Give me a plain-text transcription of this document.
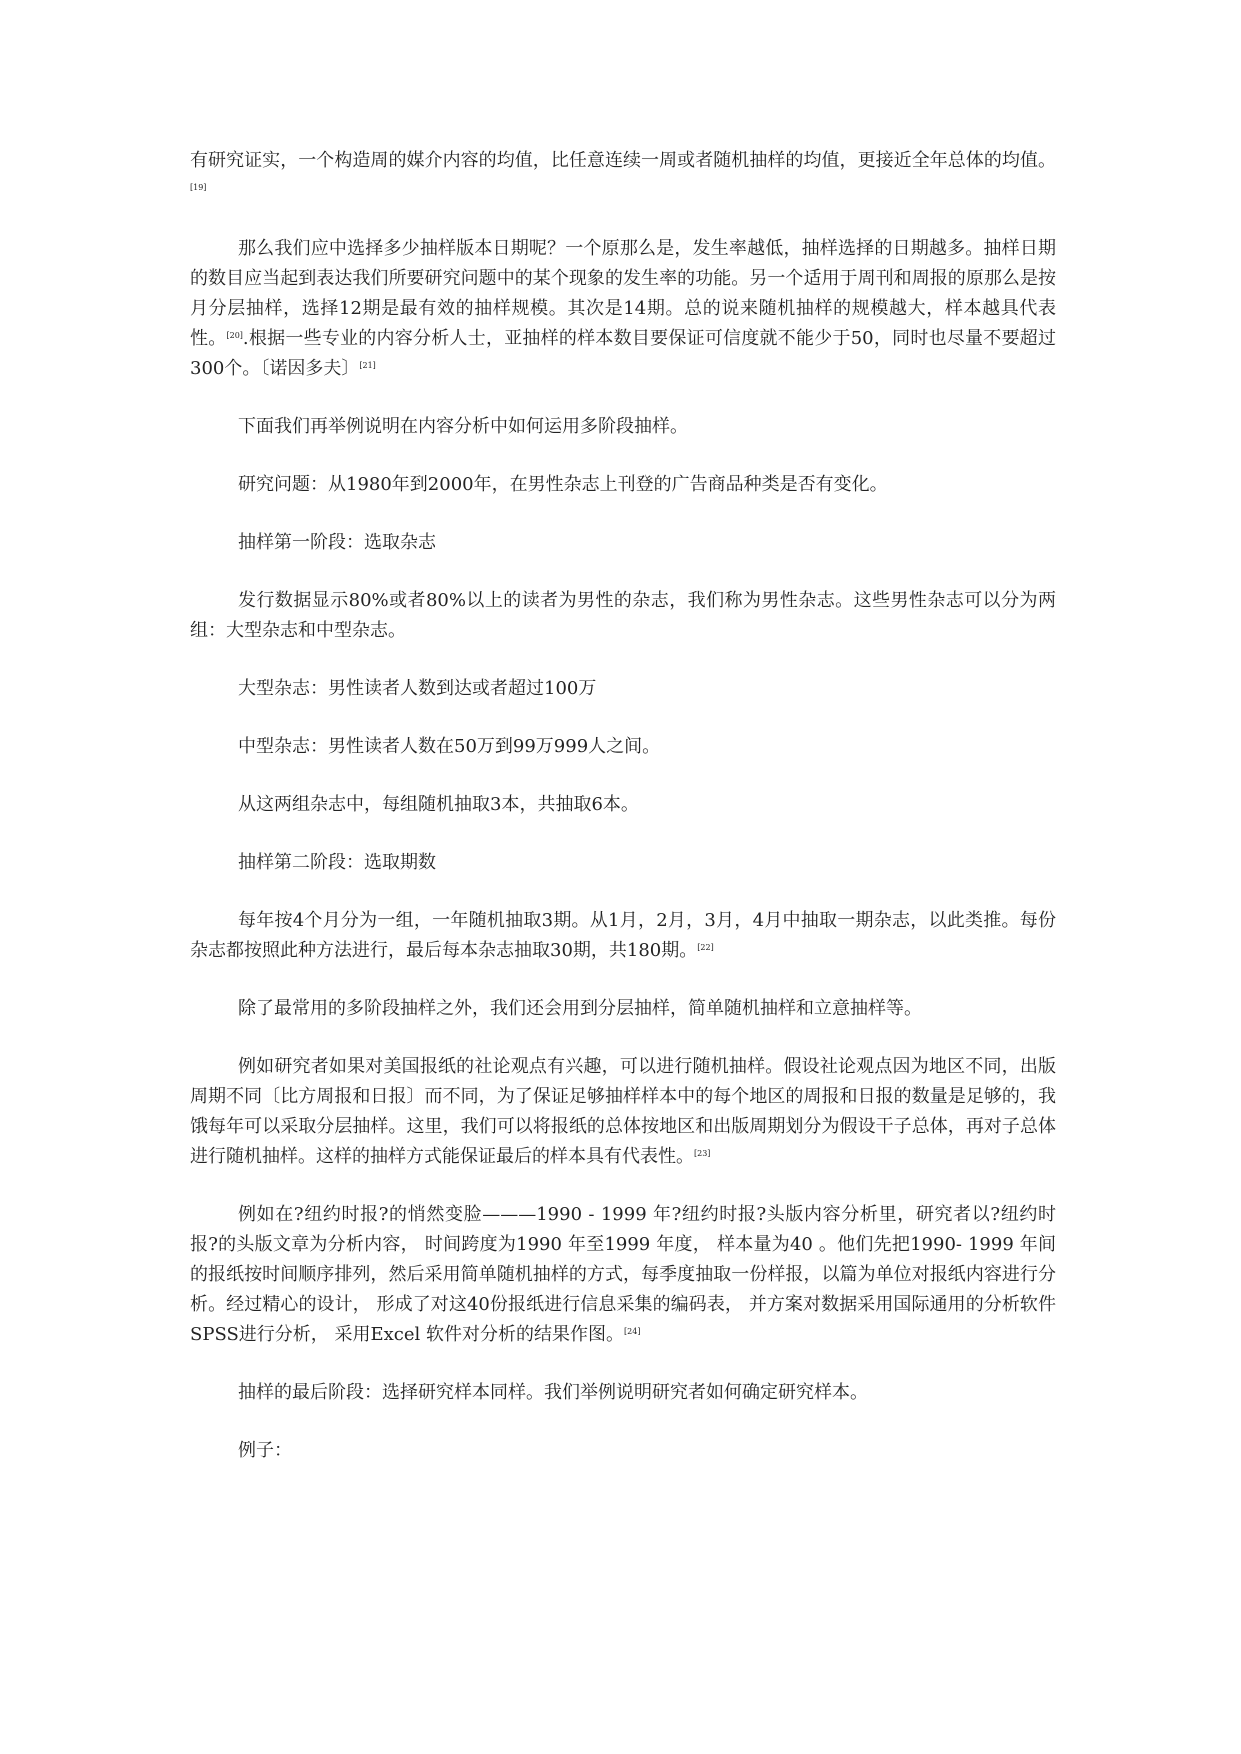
有研究证实，一个构造周的媒介内容的均值，比任意连续一周或者随机抽样的均值，更接近全年总体的均值。[19]

那么我们应中选择多少抽样版本日期呢？一个原那么是，发生率越低，抽样选择的日期越多。抽样日期的数目应当起到表达我们所要研究问题中的某个现象的发生率的功能。另一个适用于周刊和周报的原那么是按月分层抽样，选择12期是最有效的抽样规模。其次是14期。总的说来随机抽样的规模越大，样本越具代表性。[20].根据一些专业的内容分析人士，亚抽样的样本数目要保证可信度就不能少于50，同时也尽量不要超过300个。〔诺因多夫〕[21]

下面我们再举例说明在内容分析中如何运用多阶段抽样。

研究问题：从1980年到2000年，在男性杂志上刊登的广告商品种类是否有变化。

抽样第一阶段：选取杂志

发行数据显示80%或者80%以上的读者为男性的杂志，我们称为男性杂志。这些男性杂志可以分为两组：大型杂志和中型杂志。

大型杂志：男性读者人数到达或者超过100万

中型杂志：男性读者人数在50万到99万999人之间。

从这两组杂志中，每组随机抽取3本，共抽取6本。

抽样第二阶段：选取期数

每年按4个月分为一组，一年随机抽取3期。从1月，2月，3月，4月中抽取一期杂志，以此类推。每份杂志都按照此种方法进行，最后每本杂志抽取30期，共180期。[22]

除了最常用的多阶段抽样之外，我们还会用到分层抽样，简单随机抽样和立意抽样等。

例如研究者如果对美国报纸的社论观点有兴趣，可以进行随机抽样。假设社论观点因为地区不同，出版周期不同〔比方周报和日报〕而不同，为了保证足够抽样样本中的每个地区的周报和日报的数量是足够的，我饿每年可以采取分层抽样。这里，我们可以将报纸的总体按地区和出版周期划分为假设干子总体，再对子总体进行随机抽样。这样的抽样方式能保证最后的样本具有代表性。[23]

例如在?纽约时报?的悄然变脸———1990 - 1999 年?纽约时报?头版内容分析里，研究者以?纽约时报?的头版文章为分析内容， 时间跨度为1990 年至1999 年度， 样本量为40 。他们先把1990- 1999 年间的报纸按时间顺序排列，然后采用简单随机抽样的方式，每季度抽取一份样报，以篇为单位对报纸内容进行分析。经过精心的设计， 形成了对这40份报纸进行信息采集的编码表， 并方案对数据采用国际通用的分析软件SPSS进行分析， 采用Excel 软件对分析的结果作图。[24]

抽样的最后阶段：选择研究样本同样。我们举例说明研究者如何确定研究样本。

例子：
